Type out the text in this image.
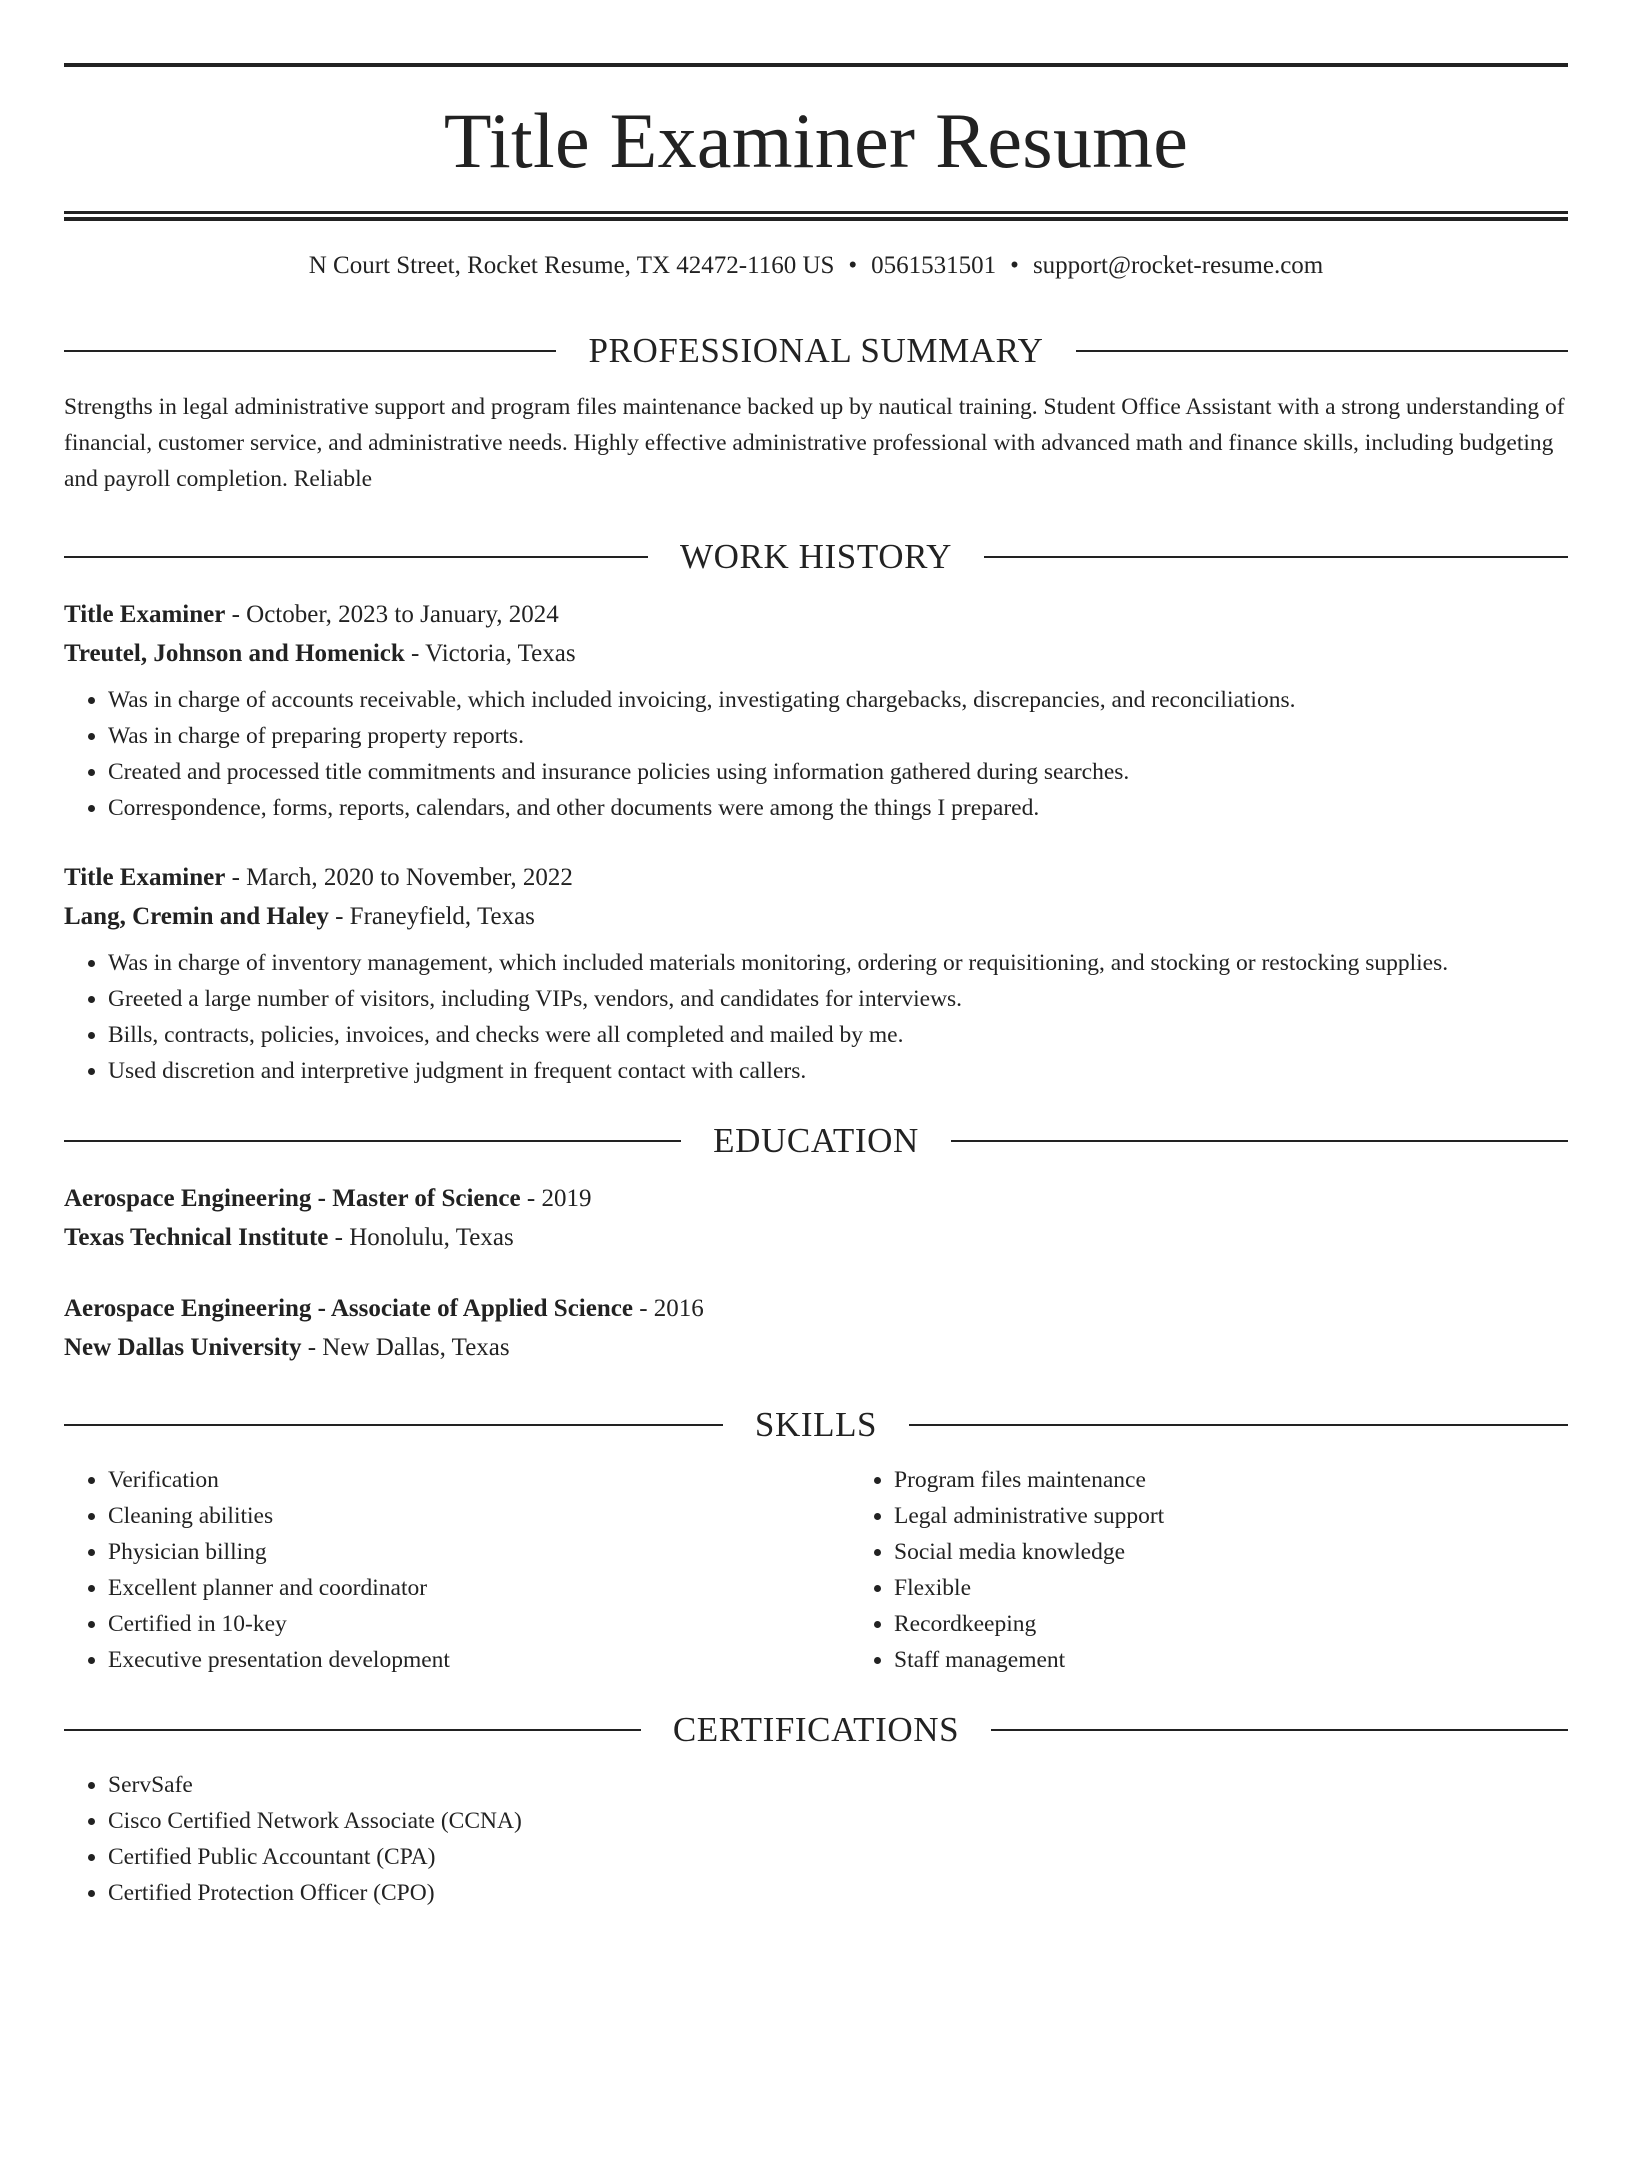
Title Examiner Resume
N Court Street, Rocket Resume, TX 42472-1160 US • 0561531501 • support@rocket-resume.com
PROFESSIONAL SUMMARY
Strengths in legal administrative support and program files maintenance backed up by nautical training. Student Office Assistant with a strong understanding of financial, customer service, and administrative needs. Highly effective administrative professional with advanced math and finance skills, including budgeting and payroll completion. Reliable
WORK HISTORY
Title Examiner - October, 2023 to January, 2024
Treutel, Johnson and Homenick - Victoria, Texas
• Was in charge of accounts receivable, which included invoicing, investigating chargebacks, discrepancies, and reconciliations.
• Was in charge of preparing property reports.
• Created and processed title commitments and insurance policies using information gathered during searches.
• Correspondence, forms, reports, calendars, and other documents were among the things I prepared.
Title Examiner - March, 2020 to November, 2022
Lang, Cremin and Haley - Franeyfield, Texas
• Was in charge of inventory management, which included materials monitoring, ordering or requisitioning, and stocking or restocking supplies.
• Greeted a large number of visitors, including VIPs, vendors, and candidates for interviews.
• Bills, contracts, policies, invoices, and checks were all completed and mailed by me.
• Used discretion and interpretive judgment in frequent contact with callers.
EDUCATION
Aerospace Engineering - Master of Science - 2019
Texas Technical Institute - Honolulu, Texas
Aerospace Engineering - Associate of Applied Science - 2016
New Dallas University - New Dallas, Texas
SKILLS
• Verification
• Cleaning abilities
• Physician billing
• Excellent planner and coordinator
• Certified in 10-key
• Executive presentation development
• Program files maintenance
• Legal administrative support
• Social media knowledge
• Flexible
• Recordkeeping
• Staff management
CERTIFICATIONS
• ServSafe
• Cisco Certified Network Associate (CCNA)
• Certified Public Accountant (CPA)
• Certified Protection Officer (CPO)
